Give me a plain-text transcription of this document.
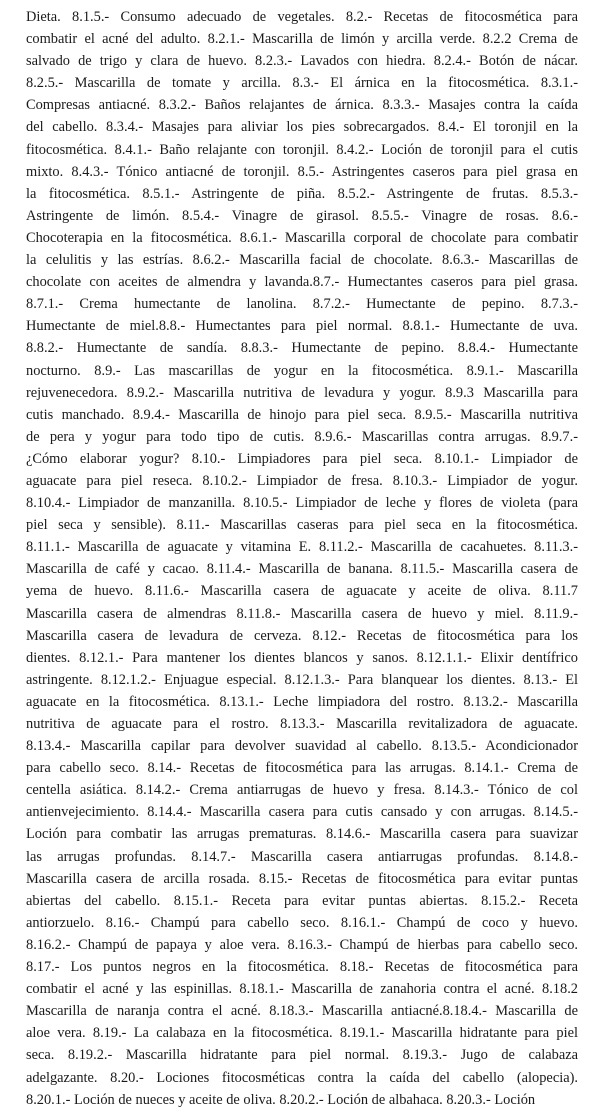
Dieta. 8.1.5.- Consumo adecuado de vegetales. 8.2.- Recetas de fitocosmética para
combatir el acné del adulto. 8.2.1.- Mascarilla de limón y arcilla verde. 8.2.2 Crema de
salvado de trigo y clara de huevo. 8.2.3.- Lavados con hiedra. 8.2.4.- Botón de nácar.
8.2.5.- Mascarilla de tomate y arcilla. 8.3.- El árnica en la fitocosmética. 8.3.1.-
Compresas antiacné. 8.3.2.- Baños relajantes de árnica. 8.3.3.- Masajes contra la caída
del cabello. 8.3.4.- Masajes para aliviar los pies sobrecargados. 8.4.- El toronjil en la
fitocosmética. 8.4.1.- Baño relajante con toronjil. 8.4.2.- Loción de toronjil para el cutis
mixto. 8.4.3.- Tónico antiacné de toronjil. 8.5.- Astringentes caseros para piel grasa en
la fitocosmética. 8.5.1.- Astringente de piña. 8.5.2.- Astringente de frutas. 8.5.3.-
Astringente de limón. 8.5.4.- Vinagre de girasol. 8.5.5.- Vinagre de rosas. 8.6.-
Chocoterapia en la fitocosmética. 8.6.1.- Mascarilla corporal de chocolate para combatir
la celulitis y las estrías. 8.6.2.- Mascarilla facial de chocolate. 8.6.3.- Mascarillas de
chocolate con aceites de almendra y lavanda.8.7.- Humectantes caseros para piel grasa.
8.7.1.- Crema humectante de lanolina. 8.7.2.- Humectante de pepino. 8.7.3.-
Humectante de miel.8.8.- Humectantes para piel normal. 8.8.1.- Humectante de uva.
8.8.2.- Humectante de sandía. 8.8.3.- Humectante de pepino. 8.8.4.- Humectante
nocturno. 8.9.- Las mascarillas de yogur en la fitocosmética. 8.9.1.- Mascarilla
rejuvenecedora. 8.9.2.- Mascarilla nutritiva de levadura y yogur. 8.9.3 Mascarilla para
cutis manchado. 8.9.4.- Mascarilla de hinojo para piel seca. 8.9.5.- Mascarilla nutritiva
de pera y yogur para todo tipo de cutis. 8.9.6.- Mascarillas contra arrugas. 8.9.7.-
¿Cómo elaborar yogur? 8.10.- Limpiadores para piel seca. 8.10.1.- Limpiador de
aguacate para piel reseca. 8.10.2.- Limpiador de fresa. 8.10.3.- Limpiador de yogur.
8.10.4.- Limpiador de manzanilla. 8.10.5.- Limpiador de leche y flores de violeta (para
piel seca y sensible). 8.11.- Mascarillas caseras para piel seca en la fitocosmética.
8.11.1.- Mascarilla de aguacate y vitamina E. 8.11.2.- Mascarilla de cacahuetes. 8.11.3.-
Mascarilla de café y cacao. 8.11.4.- Mascarilla de banana. 8.11.5.- Mascarilla casera de
yema de huevo. 8.11.6.- Mascarilla casera de aguacate y aceite de oliva. 8.11.7
Mascarilla casera de almendras 8.11.8.- Mascarilla casera de huevo y miel. 8.11.9.-
Mascarilla casera de levadura de cerveza. 8.12.- Recetas de fitocosmética para los
dientes. 8.12.1.- Para mantener los dientes blancos y sanos. 8.12.1.1.- Elixir dentífrico
astringente. 8.12.1.2.- Enjuague especial. 8.12.1.3.- Para blanquear los dientes. 8.13.- El
aguacate en la fitocosmética. 8.13.1.- Leche limpiadora del rostro. 8.13.2.- Mascarilla
nutritiva de aguacate para el rostro. 8.13.3.- Mascarilla revitalizadora de aguacate.
8.13.4.- Mascarilla capilar para devolver suavidad al cabello. 8.13.5.- Acondicionador
para cabello seco. 8.14.- Recetas de fitocosmética para las arrugas. 8.14.1.- Crema de
centella asiática. 8.14.2.- Crema antiarrugas de huevo y fresa. 8.14.3.- Tónico de col
antienvejecimiento. 8.14.4.- Mascarilla casera para cutis cansado y con arrugas. 8.14.5.-
Loción para combatir las arrugas prematuras. 8.14.6.- Mascarilla casera para suavizar
las arrugas profundas. 8.14.7.- Mascarilla casera antiarrugas profundas. 8.14.8.-
Mascarilla casera de arcilla rosada. 8.15.- Recetas de fitocosmética para evitar puntas
abiertas del cabello. 8.15.1.- Receta para evitar puntas abiertas. 8.15.2.- Receta
antiorzuelo. 8.16.- Champú para cabello seco. 8.16.1.- Champú de coco y huevo.
8.16.2.- Champú de papaya y aloe vera. 8.16.3.- Champú de hierbas para cabello seco.
8.17.- Los puntos negros en la fitocosmética. 8.18.- Recetas de fitocosmética para
combatir el acné y las espinillas. 8.18.1.- Mascarilla de zanahoria contra el acné. 8.18.2
Mascarilla de naranja contra el acné. 8.18.3.- Mascarilla antiacné.8.18.4.- Mascarilla de
aloe vera. 8.19.- La calabaza en la fitocosmética. 8.19.1.- Mascarilla hidratante para piel
seca. 8.19.2.- Mascarilla hidratante para piel normal. 8.19.3.- Jugo de calabaza
adelgazante. 8.20.- Lociones fitocosméticas contra la caída del cabello (alopecia).
8.20.1.- Loción de nueces y aceite de oliva. 8.20.2.- Loción de albahaca. 8.20.3.- Loción
